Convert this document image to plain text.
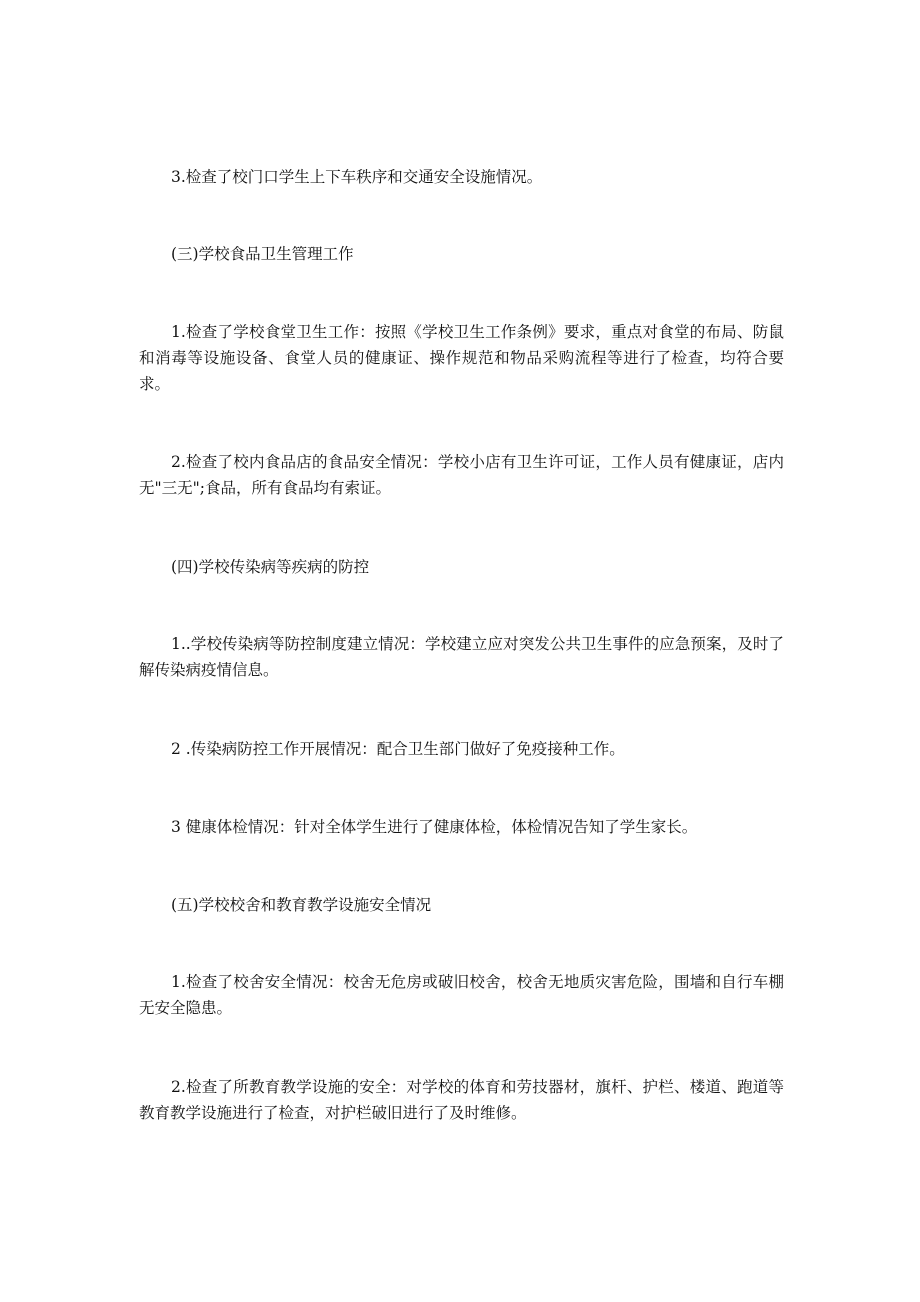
3.检查了校门口学生上下车秩序和交通安全设施情况。

(三)学校食品卫生管理工作

1.检查了学校食堂卫生工作：按照《学校卫生工作条例》要求，重点对食堂的布局、防鼠和消毒等设施设备、食堂人员的健康证、操作规范和物品采购流程等进行了检查，均符合要求。

2.检查了校内食品店的食品安全情况：学校小店有卫生许可证，工作人员有健康证，店内无"三无";食品，所有食品均有索证。

(四)学校传染病等疾病的防控

1..学校传染病等防控制度建立情况：学校建立应对突发公共卫生事件的应急预案，及时了解传染病疫情信息。

2 .传染病防控工作开展情况：配合卫生部门做好了免疫接种工作。

3 健康体检情况：针对全体学生进行了健康体检，体检情况告知了学生家长。

(五)学校校舍和教育教学设施安全情况

1.检查了校舍安全情况：校舍无危房或破旧校舍，校舍无地质灾害危险，围墙和自行车棚无安全隐患。

2.检查了所教育教学设施的安全：对学校的体育和劳技器材，旗杆、护栏、楼道、跑道等教育教学设施进行了检查，对护栏破旧进行了及时维修。
